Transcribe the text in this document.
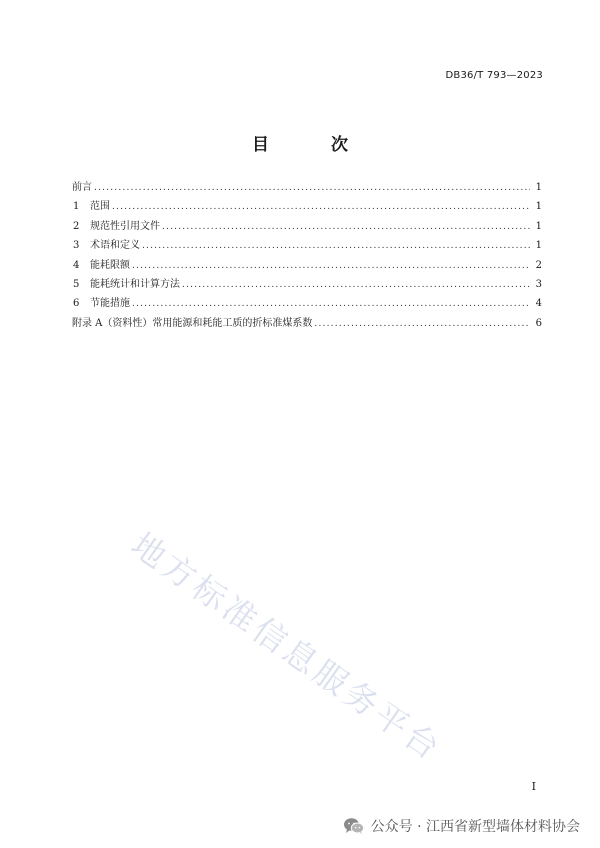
DB36/T 793—2023
目 次
前言 .....	1
1	范围 .....	1
2	规范性引用文件 .....	1
3	术语和定义 .....	1
4	能耗限额 .....	2
5	能耗统计和计算方法 .....	3
6	节能措施 .....	4
附录 A（资料性）常用能源和耗能工质的折标准煤系数 .....	6
地方标准信息服务平台
I
公众号 · 江西省新型墙体材料协会
